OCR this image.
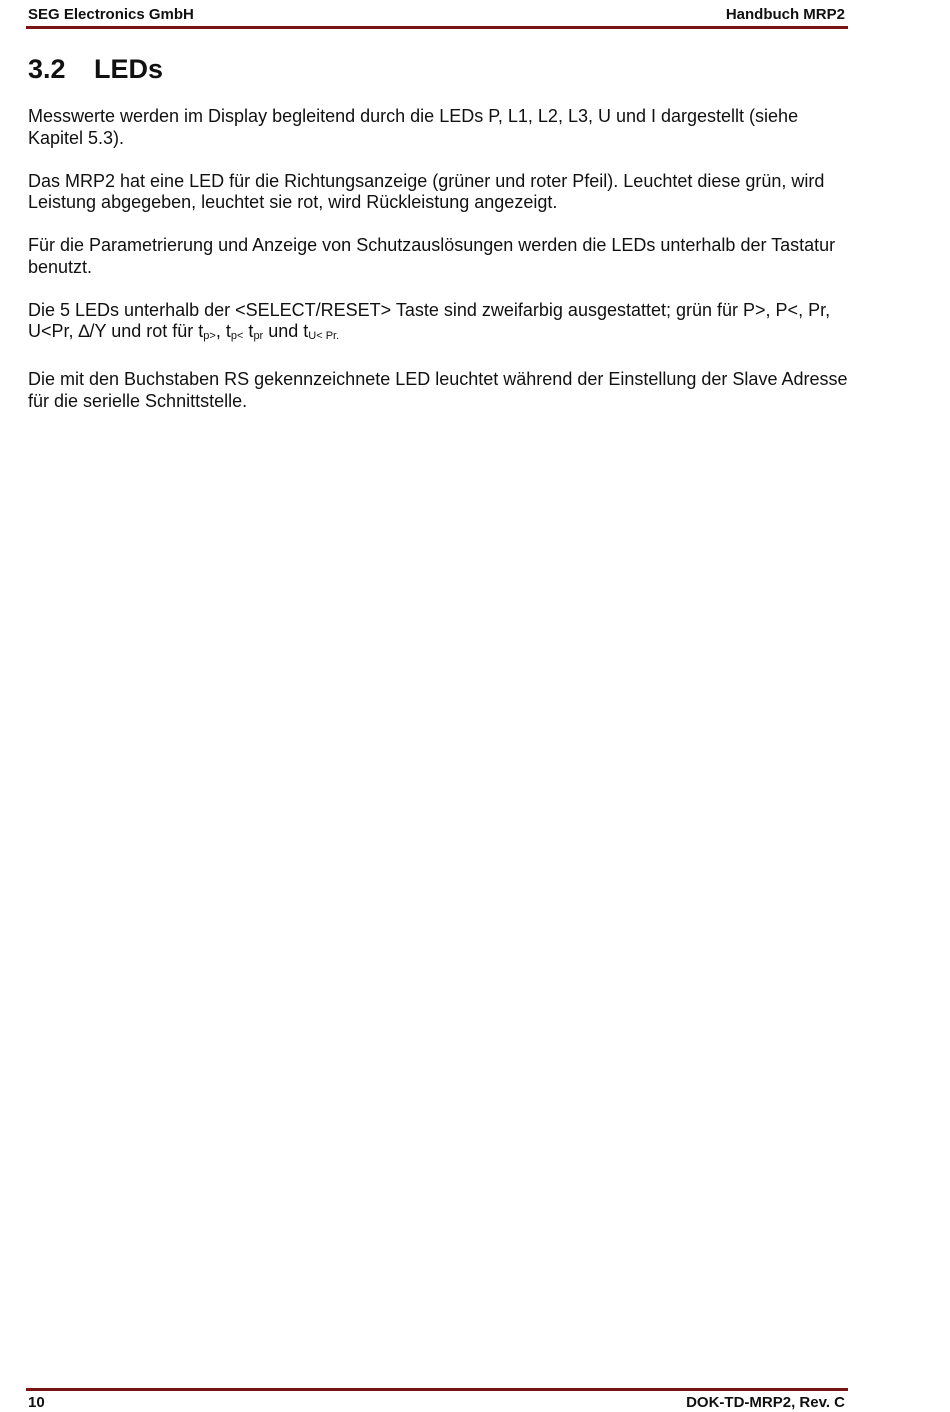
SEG Electronics GmbH	Handbuch MRP2
3.2 LEDs

Messwerte werden im Display begleitend durch die LEDs P, L1, L2, L3, U und I dargestellt (siehe Kapitel 5.3).

Das MRP2 hat eine LED für die Richtungsanzeige (grüner und roter Pfeil). Leuchtet diese grün, wird
Leistung abgegeben, leuchtet sie rot, wird Rückleistung angezeigt.

Für die Parametrierung und Anzeige von Schutzauslösungen werden die LEDs unterhalb der Tastatur benutzt.

Die 5 LEDs unterhalb der <SELECT/RESET> Taste sind zweifarbig ausgestattet; grün für P>, P<, Pr, U<Pr, ∆/Y und rot für tp>, tp< tpr und tU< Pr.

Die mit den Buchstaben RS gekennzeichnete LED leuchtet während der Einstellung der Slave Adresse für die serielle Schnittstelle.

10	DOK-TD-MRP2, Rev. C
